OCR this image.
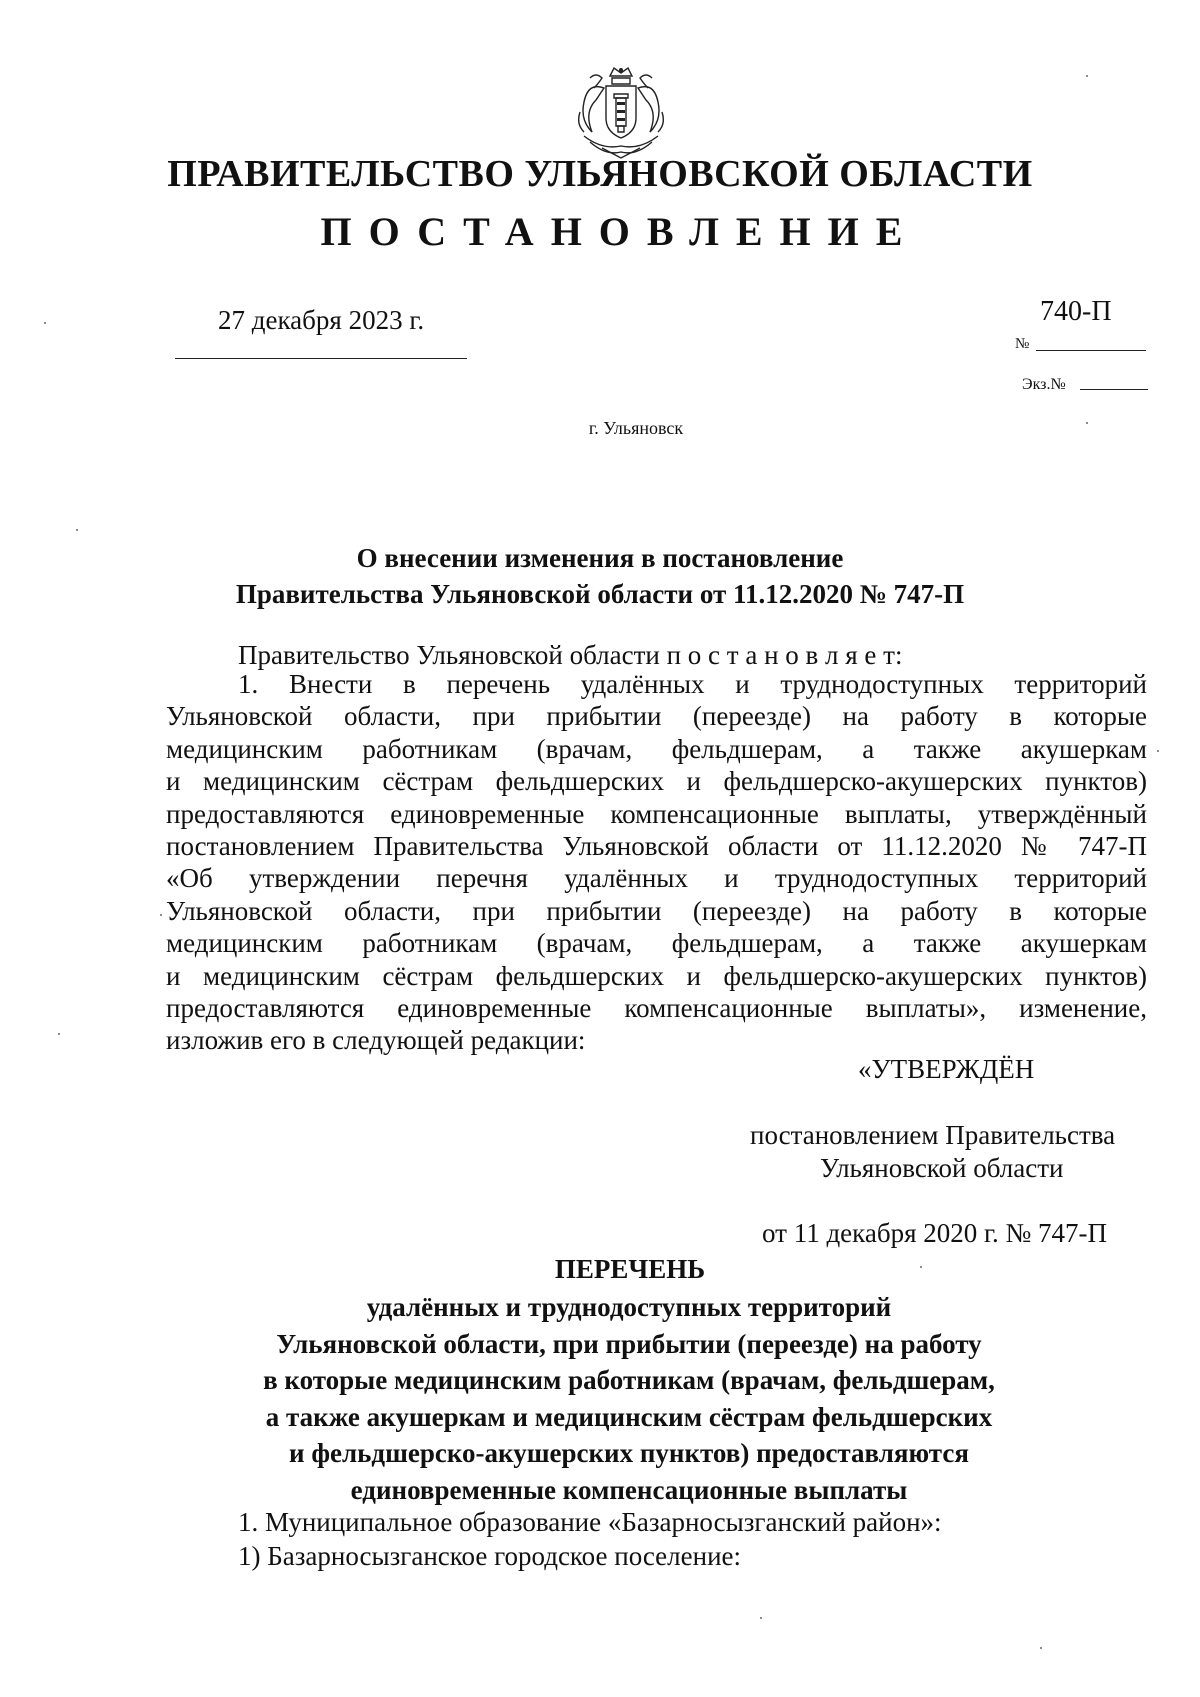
ПРАВИТЕЛЬСТВО УЛЬЯНОВСКОЙ ОБЛАСТИ
ПОСТАНОВЛЕНИЕ
27 декабря 2023 г.	740-П
№
Экз.№
г. Ульяновск
О внесении изменения в постановление
Правительства Ульяновской области от 11.12.2020 № 747-П
Правительство Ульяновской области п о с т а н о в л я е т:
1. Внести в перечень удалённых и труднодоступных территорий
Ульяновской области, при прибытии (переезде) на работу в которые
медицинским работникам (врачам, фельдшерам, а также акушеркам
и медицинским сёстрам фельдшерских и фельдшерско-акушерских пунктов)
предоставляются единовременные компенсационные выплаты, утверждённый
постановлением Правительства Ульяновской области от 11.12.2020 № 747-П
«Об утверждении перечня удалённых и труднодоступных территорий
Ульяновской области, при прибытии (переезде) на работу в которые
медицинским работникам (врачам, фельдшерам, а также акушеркам
и медицинским сёстрам фельдшерских и фельдшерско-акушерских пунктов)
предоставляются единовременные компенсационные выплаты», изменение,
изложив его в следующей редакции:
«УТВЕРЖДЁН
постановлением Правительства
Ульяновской области
от 11 декабря 2020 г. № 747-П
ПЕРЕЧЕНЬ
удалённых и труднодоступных территорий
Ульяновской области, при прибытии (переезде) на работу
в которые медицинским работникам (врачам, фельдшерам,
а также акушеркам и медицинским сёстрам фельдшерских
и фельдшерско-акушерских пунктов) предоставляются
единовременные компенсационные выплаты
1. Муниципальное образование «Базарносызганский район»:
1) Базарносызганское городское поселение:
